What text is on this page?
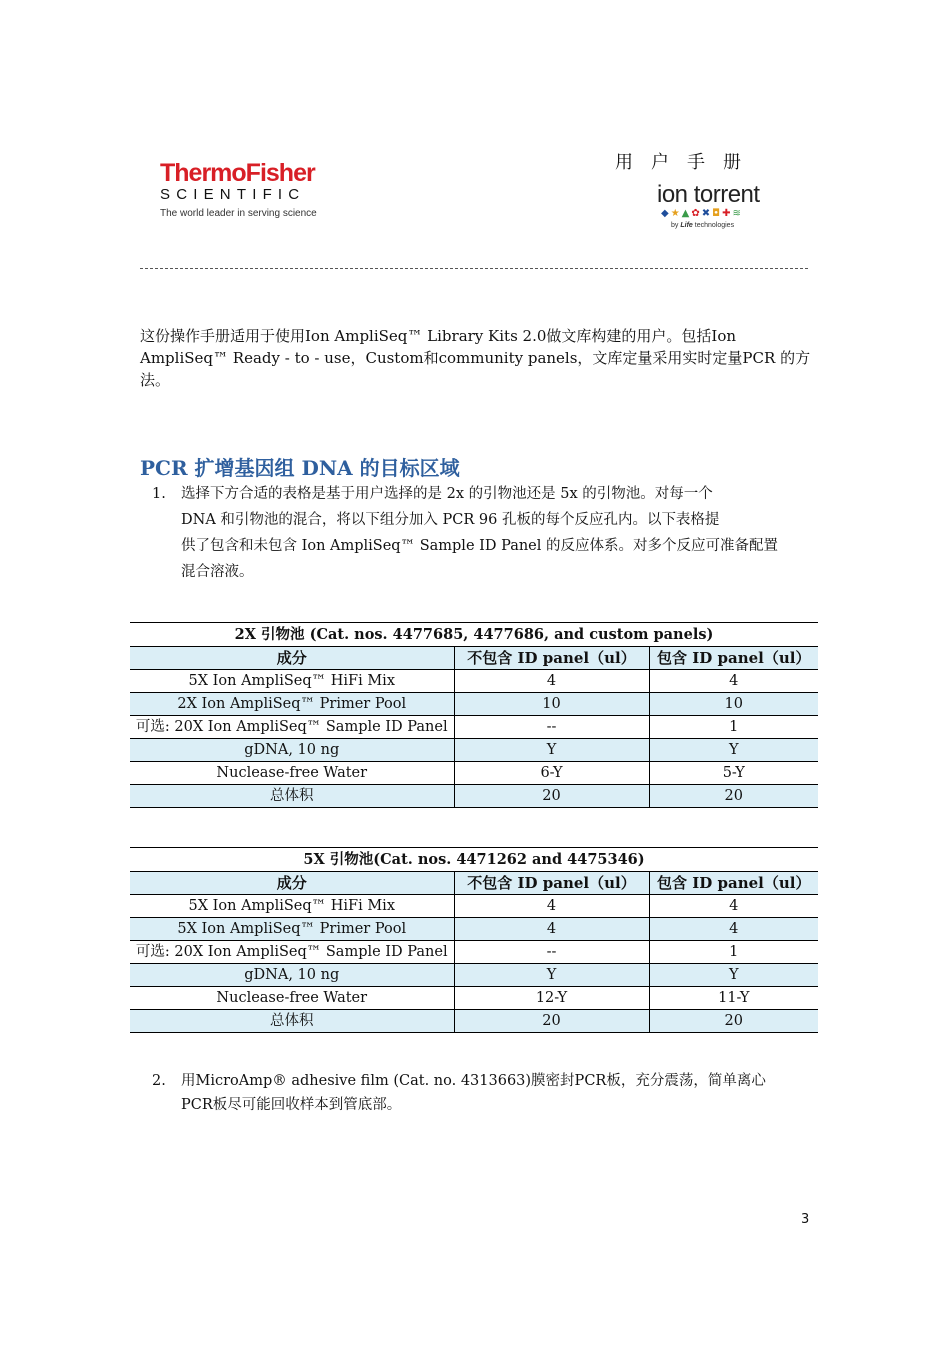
ThermoFisher
SCIENTIFIC
The world leader in serving science
用户手册
ion torrent
◆★▲✿✖◘✚≋
by Life technologies
这份操作手册适用于使用Ion AmpliSeq™ Library Kits 2.0做文库构建的用户。包括Ion
AmpliSeq™ Ready - to - use，Custom和community panels，文库定量采用实时定量PCR 的方
法。
PCR 扩增基因组 DNA 的目标区域
1. 选择下方合适的表格是基于用户选择的是 2x 的引物池还是 5x 的引物池。对每一个
DNA 和引物池的混合，将以下组分加入 PCR 96 孔板的每个反应孔内。以下表格提
供了包含和未包含 Ion AmpliSeq™ Sample ID Panel 的反应体系。对多个反应可准备配置
混合溶液。
2X 引物池 (Cat. nos. 4477685, 4477686, and custom panels)		
成分	不包含 ID panel（ul）	包含 ID panel（ul）
5X Ion AmpliSeq™ HiFi Mix	4	4
2X Ion AmpliSeq™ Primer Pool	10	10
可选: 20X Ion AmpliSeq™ Sample ID Panel	--	1
gDNA, 10 ng	Y	Y
Nuclease-free Water	6-Y	5-Y
总体积	20	20
5X 引物池(Cat. nos. 4471262 and 4475346)		
成分	不包含 ID panel（ul）	包含 ID panel（ul）
5X Ion AmpliSeq™ HiFi Mix	4	4
5X Ion AmpliSeq™ Primer Pool	4	4
可选: 20X Ion AmpliSeq™ Sample ID Panel	--	1
gDNA, 10 ng	Y	Y
Nuclease-free Water	12-Y	11-Y
总体积	20	20
2. 用MicroAmp® adhesive film (Cat. no. 4313663)膜密封PCR板，充分震荡，简单离心
PCR板尽可能回收样本到管底部。
3
